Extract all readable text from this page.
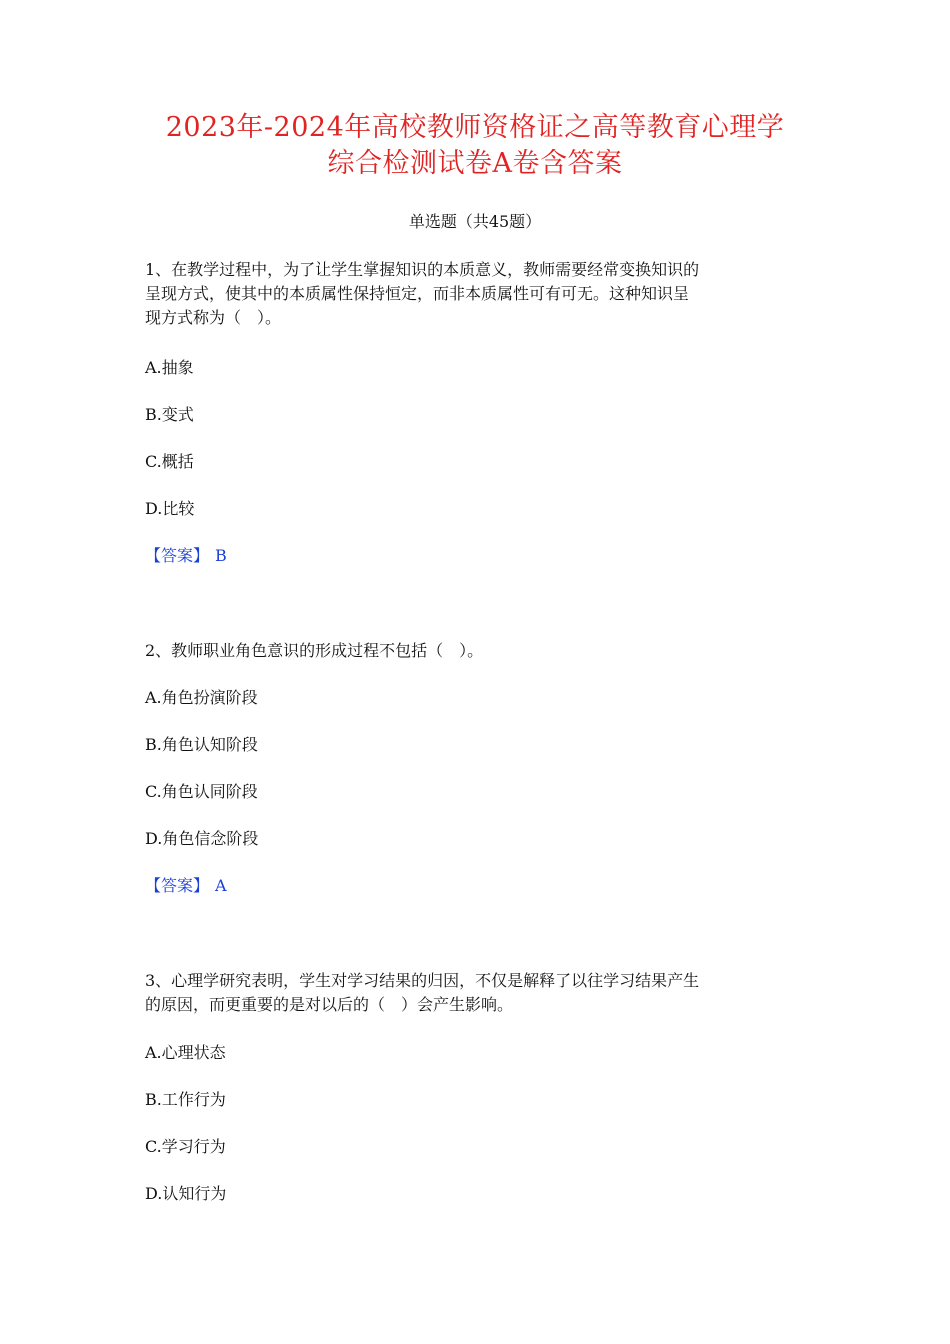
2023年-2024年高校教师资格证之高等教育心理学
综合检测试卷A卷含答案
单选题（共45题）
1、在教学过程中，为了让学生掌握知识的本质意义，教师需要经常变换知识的
呈现方式，使其中的本质属性保持恒定，而非本质属性可有可无。这种知识呈
现方式称为（　）。
A.抽象
B.变式
C.概括
D.比较
【答案】 B
2、教师职业角色意识的形成过程不包括（　）。
A.角色扮演阶段
B.角色认知阶段
C.角色认同阶段
D.角色信念阶段
【答案】 A
3、心理学研究表明，学生对学习结果的归因，不仅是解释了以往学习结果产生
的原因，而更重要的是对以后的（　）会产生影响。
A.心理状态
B.工作行为
C.学习行为
D.认知行为
